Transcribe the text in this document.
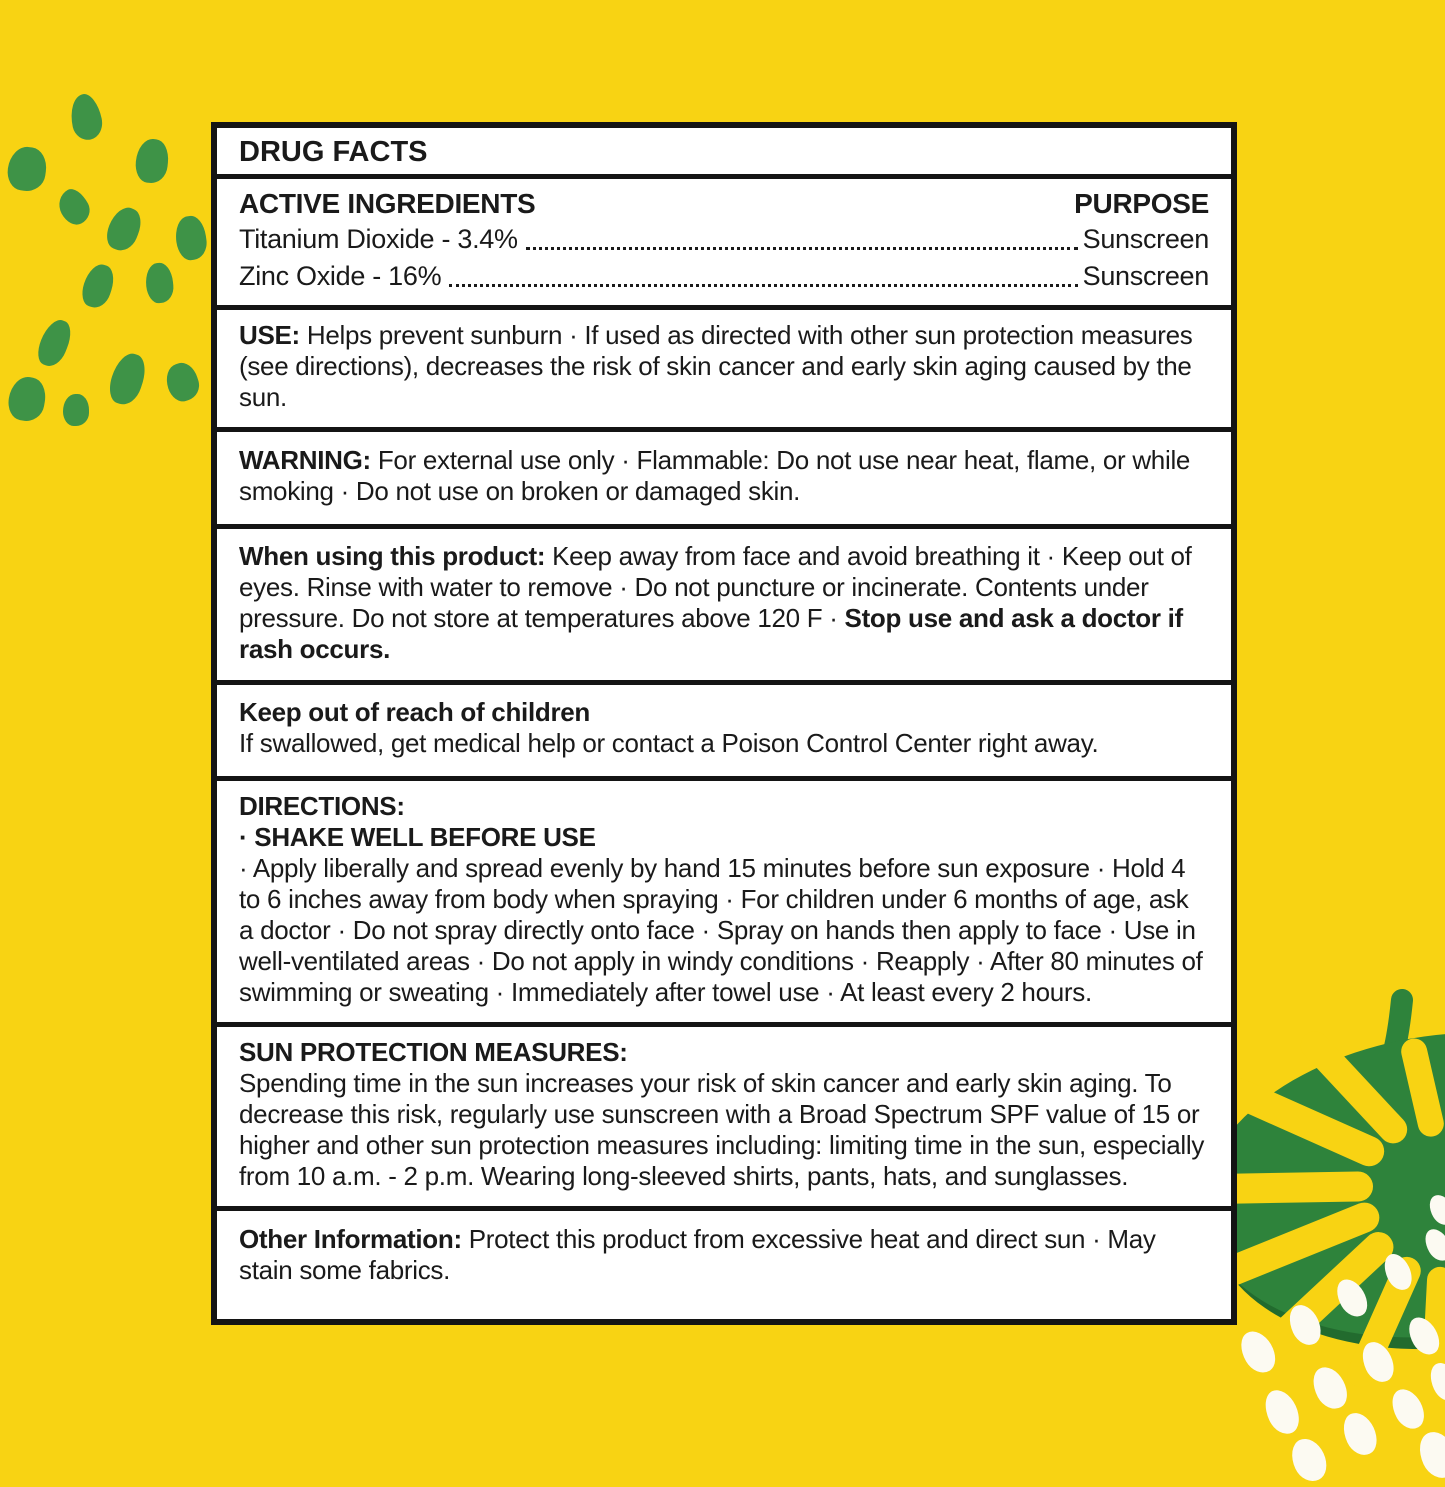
DRUG FACTS
ACTIVE INGREDIENTS	PURPOSE
Titanium Dioxide - 3.4%	Sunscreen
Zinc Oxide - 16%	Sunscreen
USE: Helps prevent sunburn · If used as directed with other sun protection measures (see directions), decreases the risk of skin cancer and early skin aging caused by the sun.
WARNING: For external use only · Flammable: Do not use near heat, flame, or while smoking · Do not use on broken or damaged skin.
When using this product: Keep away from face and avoid breathing it · Keep out of eyes. Rinse with water to remove · Do not puncture or incinerate. Contents under pressure. Do not store at temperatures above 120 F · Stop use and ask a doctor if rash occurs.
Keep out of reach of children
If swallowed, get medical help or contact a Poison Control Center right away.
DIRECTIONS:
· SHAKE WELL BEFORE USE
· Apply liberally and spread evenly by hand 15 minutes before sun exposure · Hold 4 to 6 inches away from body when spraying · For children under 6 months of age, ask a doctor · Do not spray directly onto face · Spray on hands then apply to face · Use in well-ventilated areas · Do not apply in windy conditions · Reapply · After 80 minutes of swimming or sweating · Immediately after towel use · At least every 2 hours.
SUN PROTECTION MEASURES:
Spending time in the sun increases your risk of skin cancer and early skin aging. To decrease this risk, regularly use sunscreen with a Broad Spectrum SPF value of 15 or higher and other sun protection measures including: limiting time in the sun, especially from 10 a.m. - 2 p.m. Wearing long-sleeved shirts, pants, hats, and sunglasses.
Other Information: Protect this product from excessive heat and direct sun · May stain some fabrics.
